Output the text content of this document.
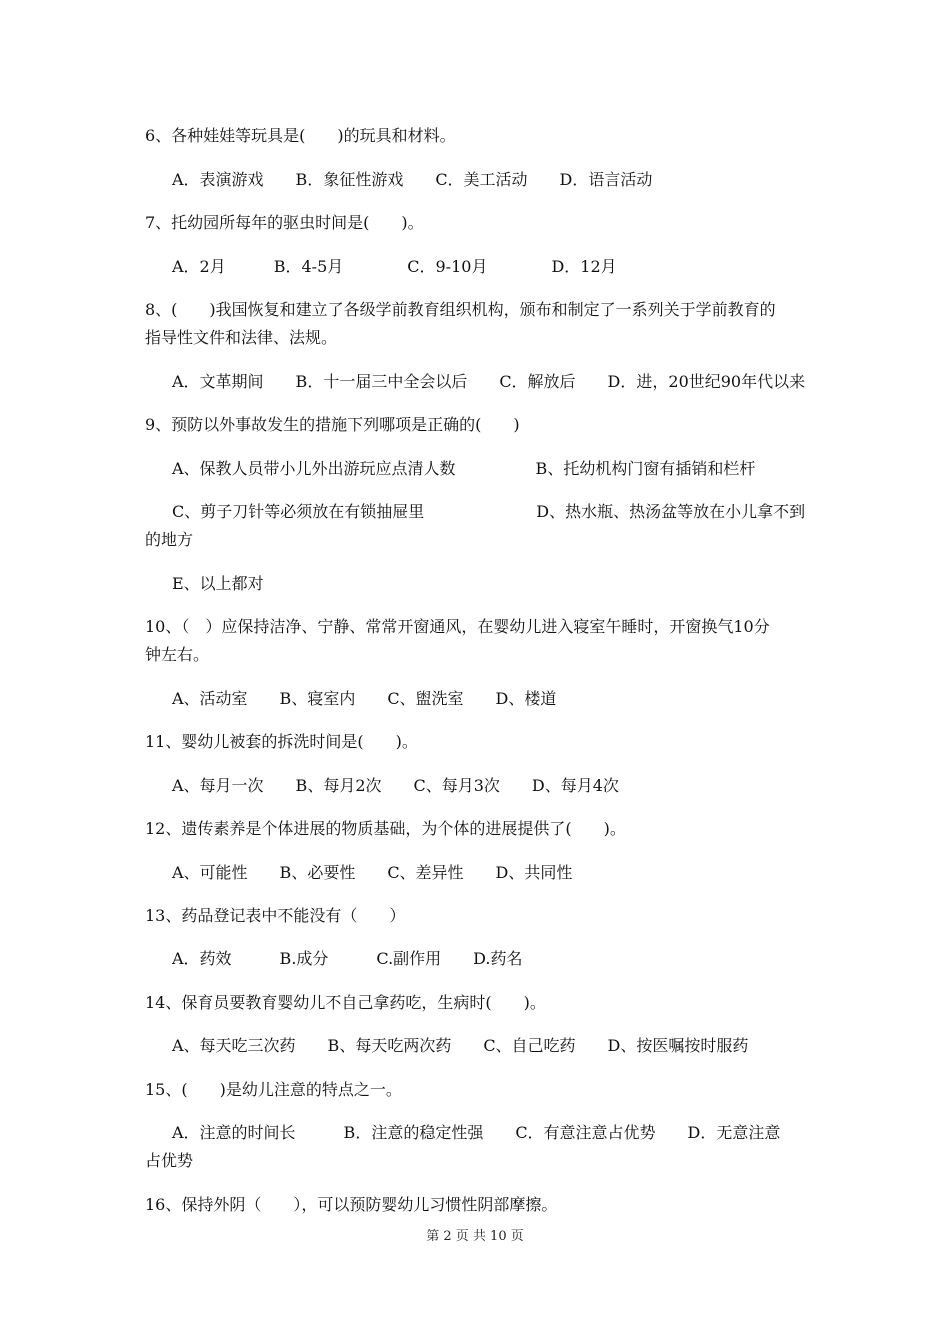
6、各种娃娃等玩具是(　　)的玩具和材料。
A．表演游戏　　B．象征性游戏　　C．美工活动　　D．语言活动
7、托幼园所每年的驱虫时间是(　　)。
A．2月　　　B．4-5月　　　　C．9-10月　　　　D．12月
8、(　　)我国恢复和建立了各级学前教育组织机构，颁布和制定了一系列关于学前教育的
指导性文件和法律、法规。
A．文革期间　　B．十一届三中全会以后　　C．解放后　　D．进，20世纪90年代以来
9、预防以外事故发生的措施下列哪项是正确的(　　)
A、保教人员带小儿外出游玩应点清人数　　　　　B、托幼机构门窗有插销和栏杆
C、剪子刀针等必须放在有锁抽屉里　　　　　　　D、热水瓶、热汤盆等放在小儿拿不到
的地方
E、以上都对
10、（　）应保持洁净、宁静、常常开窗通风，在婴幼儿进入寝室午睡时，开窗换气10分
钟左右。
A、活动室　　B、寝室内　　C、盥洗室　　D、楼道
11、婴幼儿被套的拆洗时间是(　　)。
A、每月一次　　B、每月2次　　C、每月3次　　D、每月4次
12、遗传素养是个体进展的物质基础，为个体的进展提供了(　　)。
A、可能性　　B、必要性　　C、差异性　　D、共同性
13、药品登记表中不能没有（　　）
A．药效　　　B.成分　　　C.副作用　　D.药名
14、保育员要教育婴幼儿不自己拿药吃，生病时(　　)。
A、每天吃三次药　　B、每天吃两次药　　C、自己吃药　　D、按医嘱按时服药
15、(　　)是幼儿注意的特点之一。
A．注意的时间长　　　B．注意的稳定性强　　C．有意注意占优势　　D．无意注意
占优势
16、保持外阴（　　），可以预防婴幼儿习惯性阴部摩擦。
第 2 页 共 10 页
